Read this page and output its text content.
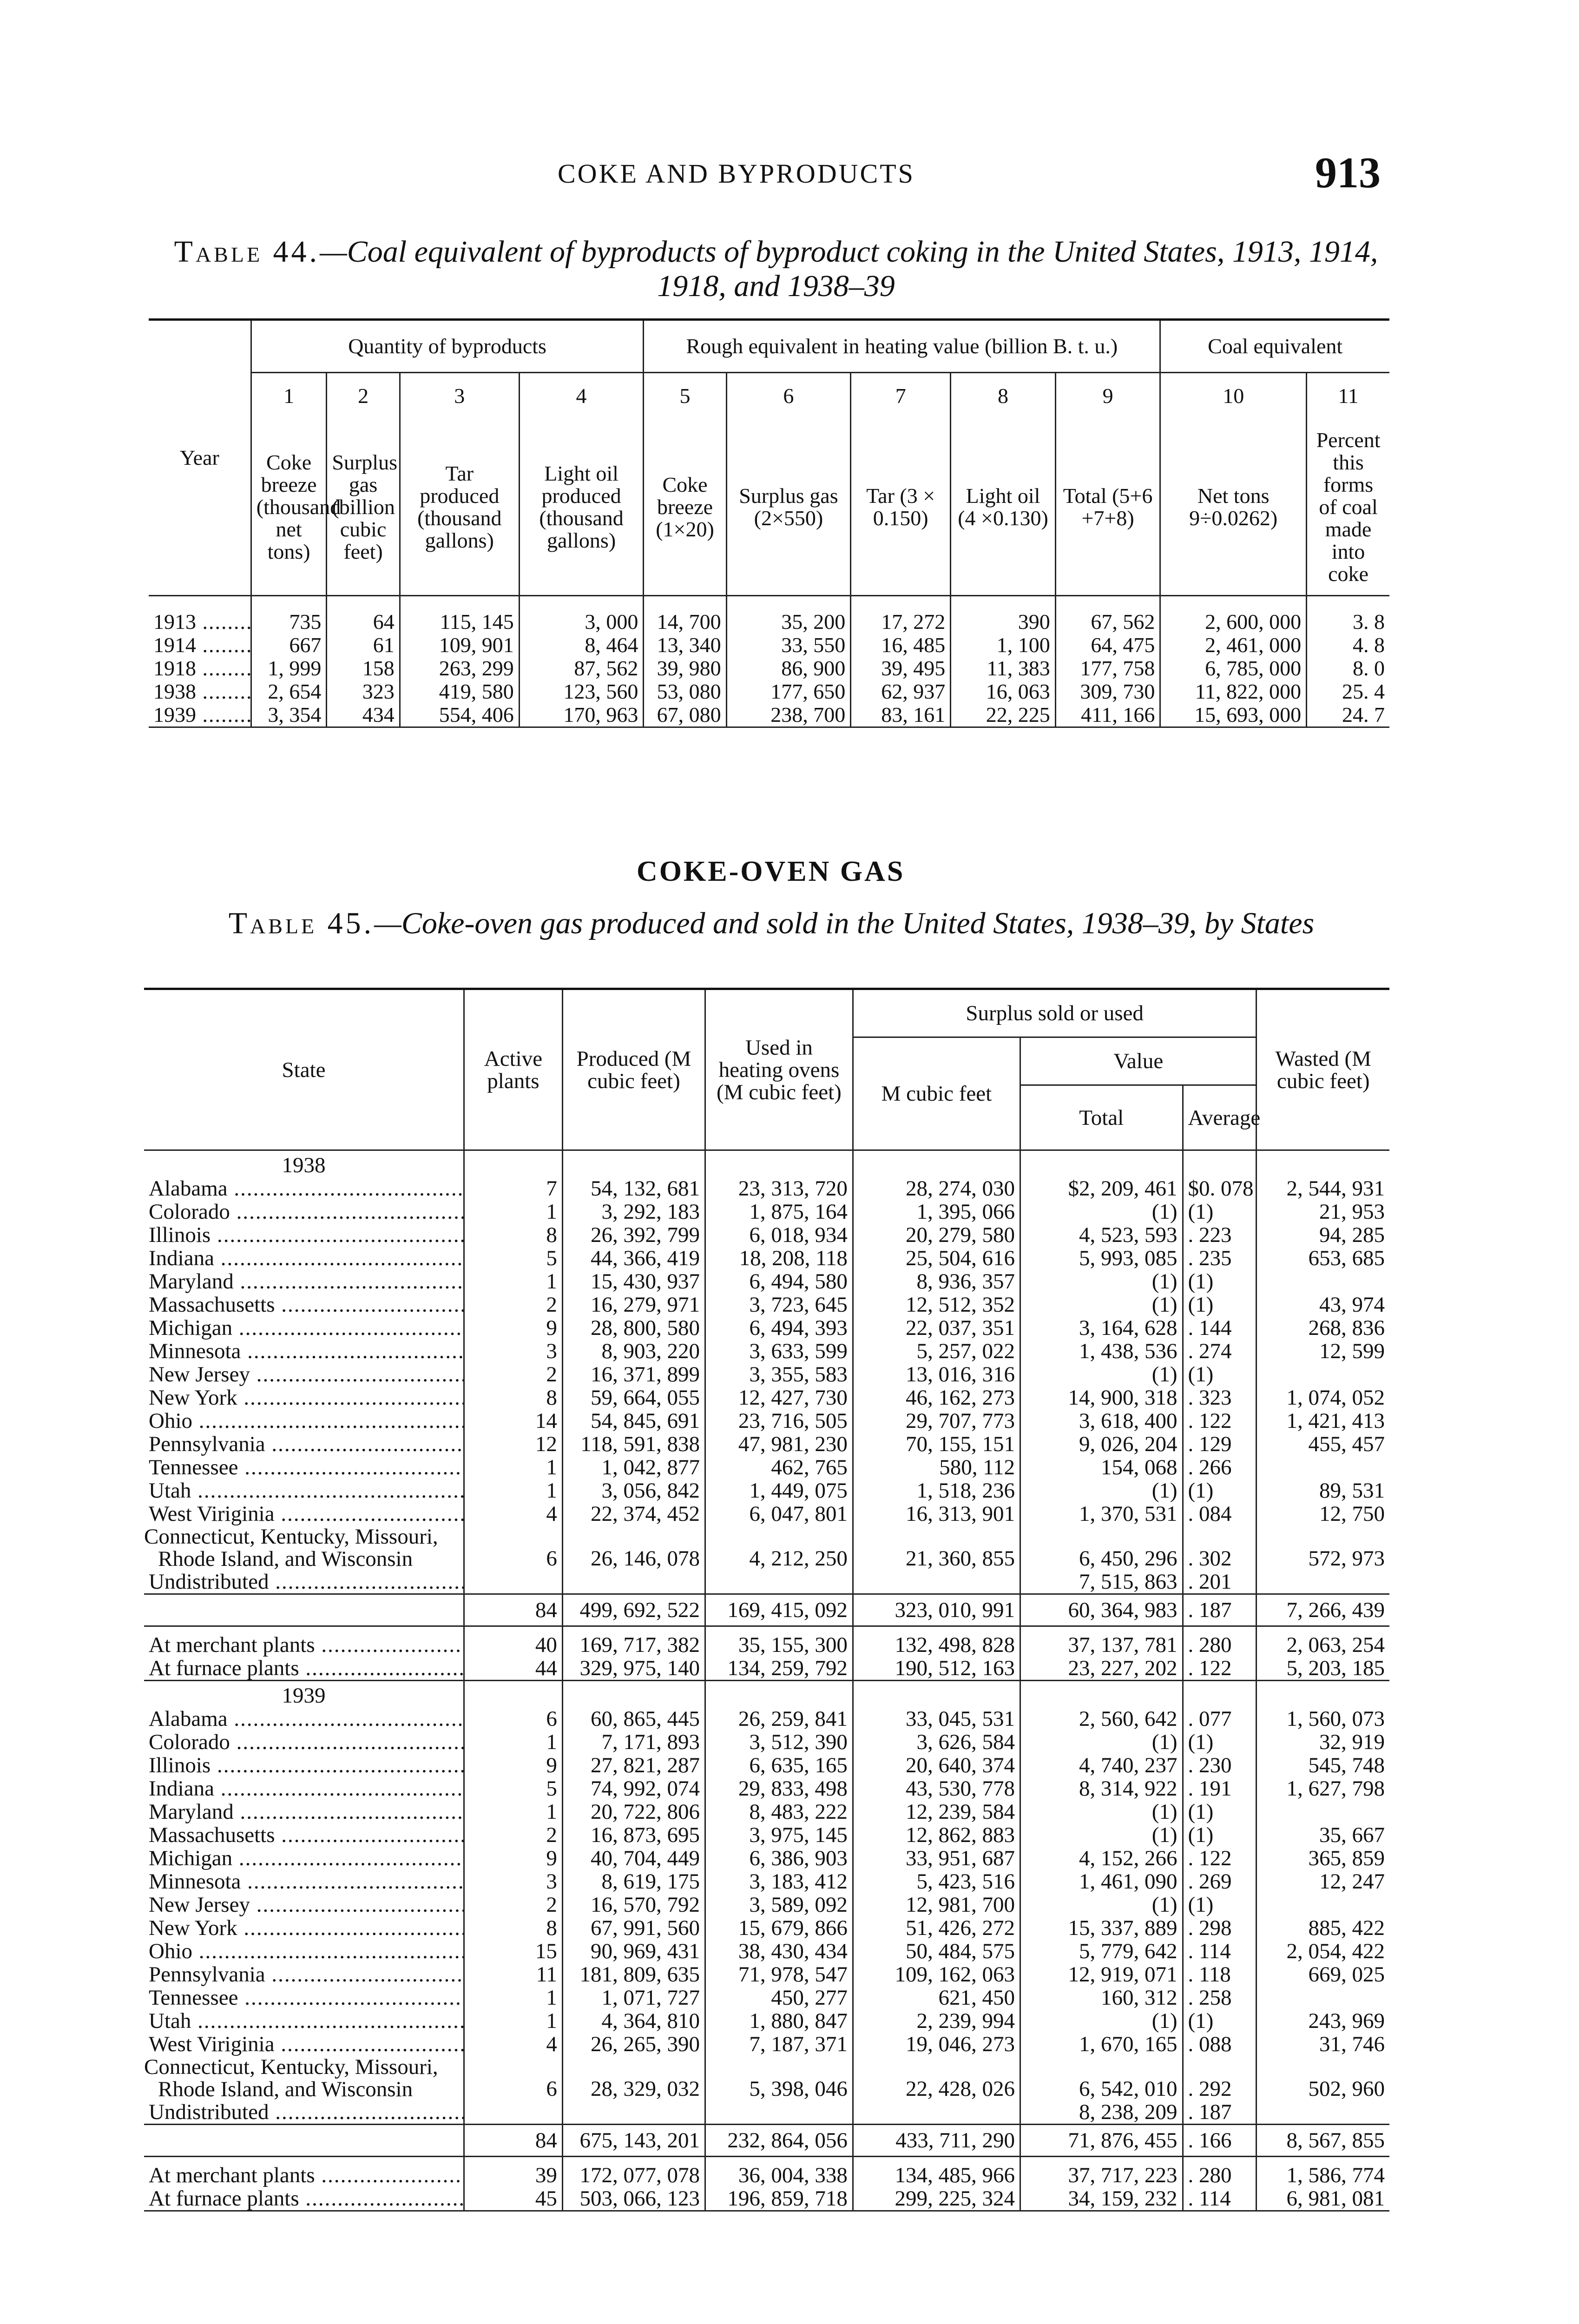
COKE AND BYPRODUCTS	913
Table 44.—Coal equivalent of byproducts of byproduct coking in the United States, 1913, 1914, 1918, and 1938–39
Year	Quantity of byproducts				Rough equivalent in heating value (billion B. t. u.)					Coal equivalent	
	1	2	3	4	5	6	7	8	9	10	11
	Coke breeze (thousand net tons)	Surplus gas (billion cubic feet)	Tar produced (thousand gallons)	Light oil produced (thousand gallons)	Coke breeze (1×20)	Surplus gas (2×550)	Tar (3 × 0.150)	Light oil (4 ×0.130)	Total (5+6 +7+8)	Net tons 9÷0.0262)	Percent this forms of coal made into coke
1913 .....	735	64	115, 145	3, 000	14, 700	35, 200	17, 272	390	67, 562	2, 600, 000	3. 8
1914 .....	667	61	109, 901	8, 464	13, 340	33, 550	16, 485	1, 100	64, 475	2, 461, 000	4. 8
1918 .....	1, 999	158	263, 299	87, 562	39, 980	86, 900	39, 495	11, 383	177, 758	6, 785, 000	8. 0
1938 .....	2, 654	323	419, 580	123, 560	53, 080	177, 650	62, 937	16, 063	309, 730	11, 822, 000	25. 4
1939 .....	3, 354	434	554, 406	170, 963	67, 080	238, 700	83, 161	22, 225	411, 166	15, 693, 000	24. 7
COKE-OVEN GAS
Table 45.—Coke-oven gas produced and sold in the United States, 1938–39, by States
State	Active plants	Produced (M cubic feet)	Used in heating ovens (M cubic feet)	Surplus sold or used			Wasted (M cubic feet)
				M cubic feet	Value		
					Total	Average	
1938							
Alabama .....	7	54, 132, 681	23, 313, 720	28, 274, 030	$2, 209, 461	$0. 078	2, 544, 931
Colorado .....	1	3, 292, 183	1, 875, 164	1, 395, 066	(1)	(1)	21, 953
Illinois .....	8	26, 392, 799	6, 018, 934	20, 279, 580	4, 523, 593	. 223	94, 285
Indiana .....	5	44, 366, 419	18, 208, 118	25, 504, 616	5, 993, 085	. 235	653, 685
Maryland .....	1	15, 430, 937	6, 494, 580	8, 936, 357	(1)	(1)	
Massachusetts .....	2	16, 279, 971	3, 723, 645	12, 512, 352	(1)	(1)	43, 974
Michigan .....	9	28, 800, 580	6, 494, 393	22, 037, 351	3, 164, 628	. 144	268, 836
Minnesota .....	3	8, 903, 220	3, 633, 599	5, 257, 022	1, 438, 536	. 274	12, 599
New Jersey .....	2	16, 371, 899	3, 355, 583	13, 016, 316	(1)	(1)	
New York .....	8	59, 664, 055	12, 427, 730	46, 162, 273	14, 900, 318	. 323	1, 074, 052
Ohio .....	14	54, 845, 691	23, 716, 505	29, 707, 773	3, 618, 400	. 122	1, 421, 413
Pennsylvania .....	12	118, 591, 838	47, 981, 230	70, 155, 151	9, 026, 204	. 129	455, 457
Tennessee .....	1	1, 042, 877	462, 765	580, 112	154, 068	. 266	
Utah .....	1	3, 056, 842	1, 449, 075	1, 518, 236	(1)	(1)	89, 531
West Viriginia .....	4	22, 374, 452	6, 047, 801	16, 313, 901	1, 370, 531	. 084	12, 750
Connecticut, Kentucky, Missouri, Rhode Island, and Wisconsin	6	26, 146, 078	4, 212, 250	21, 360, 855	6, 450, 296	. 302	572, 973
Undistributed .....					7, 515, 863	. 201	
	84	499, 692, 522	169, 415, 092	323, 010, 991	60, 364, 983	. 187	7, 266, 439
At merchant plants .....	40	169, 717, 382	35, 155, 300	132, 498, 828	37, 137, 781	. 280	2, 063, 254
At furnace plants .....	44	329, 975, 140	134, 259, 792	190, 512, 163	23, 227, 202	. 122	5, 203, 185
1939							
Alabama .....	6	60, 865, 445	26, 259, 841	33, 045, 531	2, 560, 642	. 077	1, 560, 073
Colorado .....	1	7, 171, 893	3, 512, 390	3, 626, 584	(1)	(1)	32, 919
Illinois .....	9	27, 821, 287	6, 635, 165	20, 640, 374	4, 740, 237	. 230	545, 748
Indiana .....	5	74, 992, 074	29, 833, 498	43, 530, 778	8, 314, 922	. 191	1, 627, 798
Maryland .....	1	20, 722, 806	8, 483, 222	12, 239, 584	(1)	(1)	
Massachusetts .....	2	16, 873, 695	3, 975, 145	12, 862, 883	(1)	(1)	35, 667
Michigan .....	9	40, 704, 449	6, 386, 903	33, 951, 687	4, 152, 266	. 122	365, 859
Minnesota .....	3	8, 619, 175	3, 183, 412	5, 423, 516	1, 461, 090	. 269	12, 247
New Jersey .....	2	16, 570, 792	3, 589, 092	12, 981, 700	(1)	(1)	
New York .....	8	67, 991, 560	15, 679, 866	51, 426, 272	15, 337, 889	. 298	885, 422
Ohio .....	15	90, 969, 431	38, 430, 434	50, 484, 575	5, 779, 642	. 114	2, 054, 422
Pennsylvania .....	11	181, 809, 635	71, 978, 547	109, 162, 063	12, 919, 071	. 118	669, 025
Tennessee .....	1	1, 071, 727	450, 277	621, 450	160, 312	. 258	
Utah .....	1	4, 364, 810	1, 880, 847	2, 239, 994	(1)	(1)	243, 969
West Viriginia .....	4	26, 265, 390	7, 187, 371	19, 046, 273	1, 670, 165	. 088	31, 746
Connecticut, Kentucky, Missouri, Rhode Island, and Wisconsin	6	28, 329, 032	5, 398, 046	22, 428, 026	6, 542, 010	. 292	502, 960
Undistributed .....					8, 238, 209	. 187	
	84	675, 143, 201	232, 864, 056	433, 711, 290	71, 876, 455	. 166	8, 567, 855
At merchant plants .....	39	172, 077, 078	36, 004, 338	134, 485, 966	37, 717, 223	. 280	1, 586, 774
At furnace plants .....	45	503, 066, 123	196, 859, 718	299, 225, 324	34, 159, 232	. 114	6, 981, 081
